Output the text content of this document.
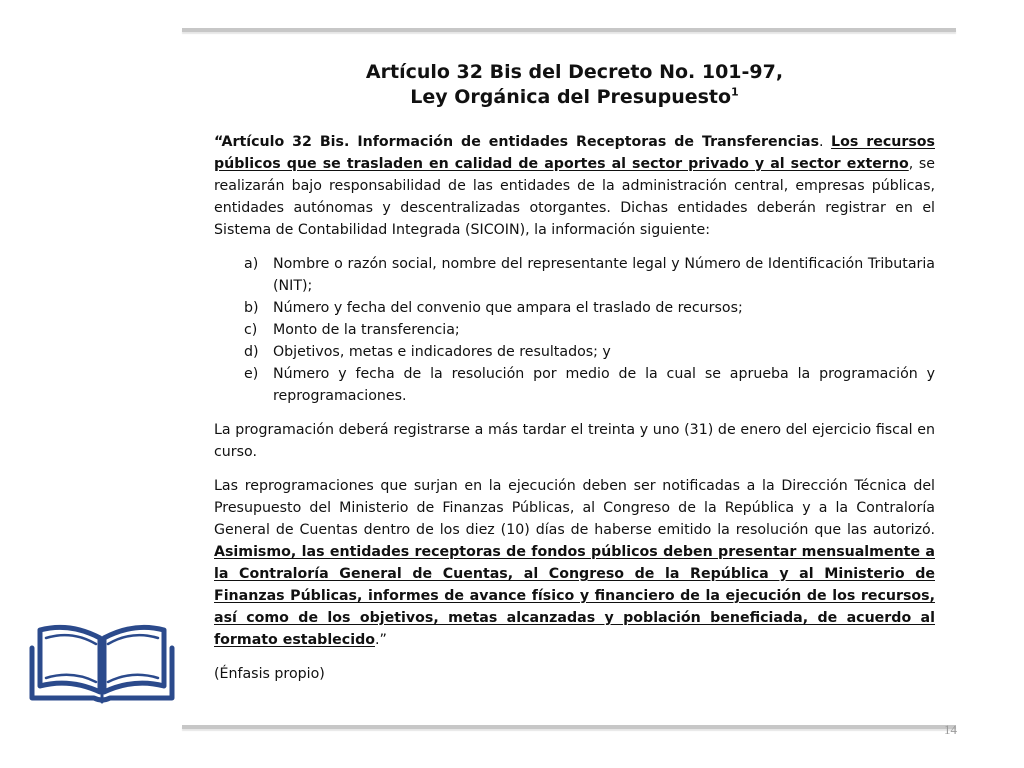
Artículo 32 Bis del Decreto No. 101-97,
Ley Orgánica del Presupuesto$^1$

“Artículo 32 Bis. Información de entidades Receptoras de Transferencias. Los recursos públicos que se trasladen en calidad de aportes al sector privado y al sector externo, se realizarán bajo responsabilidad de las entidades de la administración central, empresas públicas, entidades autónomas y descentralizadas otorgantes. Dichas entidades deberán registrar en el Sistema de Contabilidad Integrada (SICOIN), la información siguiente:

a) Nombre o razón social, nombre del representante legal y Número de Identificación Tributaria (NIT);
b) Número y fecha del convenio que ampara el traslado de recursos;
c) Monto de la transferencia;
d) Objetivos, metas e indicadores de resultados; y
e) Número y fecha de la resolución por medio de la cual se aprueba la programación y reprogramaciones.

La programación deberá registrarse a más tardar el treinta y uno (31) de enero del ejercicio fiscal en curso.

Las reprogramaciones que surjan en la ejecución deben ser notificadas a la Dirección Técnica del Presupuesto del Ministerio de Finanzas Públicas, al Congreso de la República y a la Contraloría General de Cuentas dentro de los diez (10) días de haberse emitido la resolución que las autorizó. Asimismo, las entidades receptoras de fondos públicos deben presentar mensualmente a la Contraloría General de Cuentas, al Congreso de la República y al Ministerio de Finanzas Públicas, informes de avance físico y financiero de la ejecución de los recursos, así como de los objetivos, metas alcanzadas y población beneficiada, de acuerdo al formato establecido.”

(Énfasis propio)

14
